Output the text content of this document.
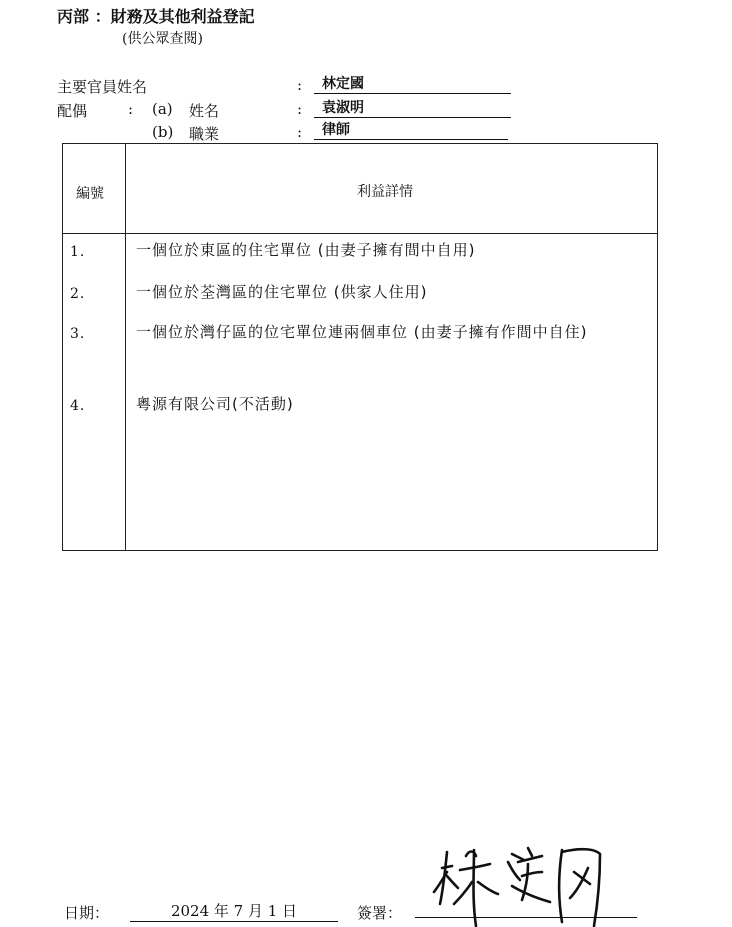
丙部 ：財務及其他利益登記
(供公眾查閱)
主要官員姓名	:	林定國
配偶	: (a) 姓名	:	袁淑明
(b) 職業	:	律師
編號	利益詳情
1.	一個位於東區的住宅單位 (由妻子擁有間中自用)
2.	一個位於荃灣區的住宅單位 (供家人住用)
3.	一個位於灣仔區的位宅單位連兩個車位 (由妻子擁有作間中自住)
4.	粵源有限公司(不活動)
日期：	2024 年 7 月 1 日	簽署：
